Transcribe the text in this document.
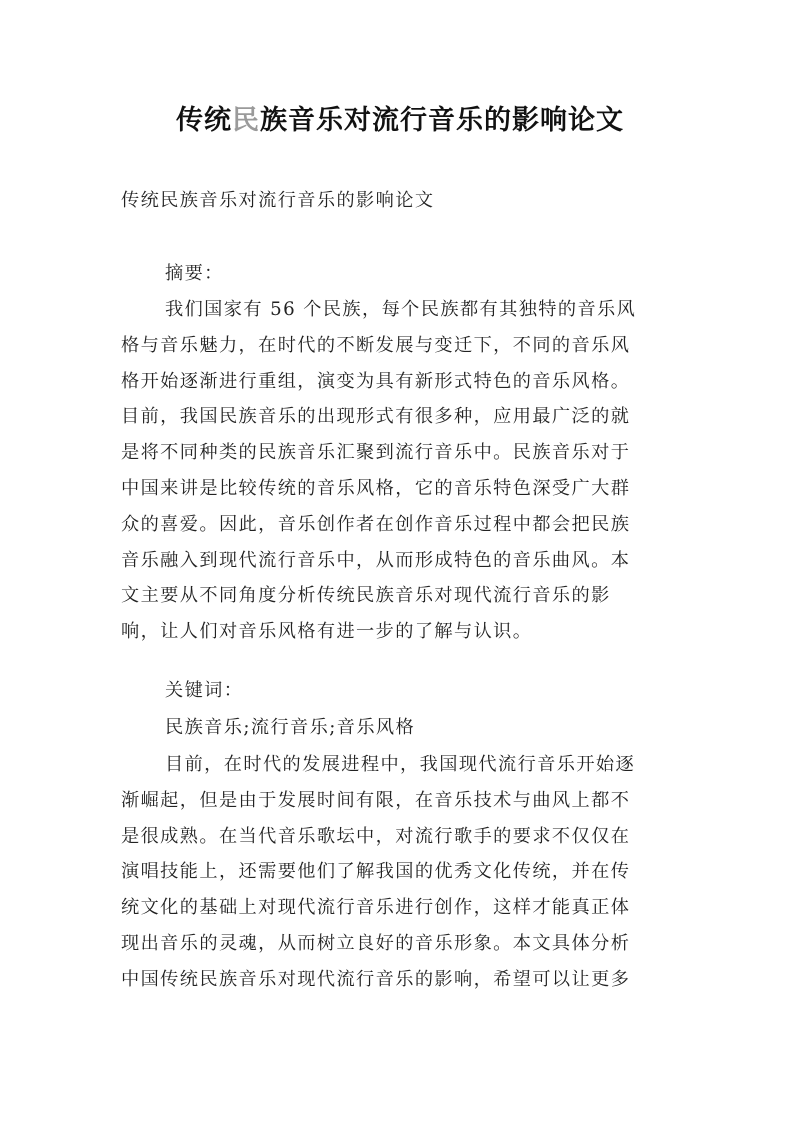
传统民族音乐对流行音乐的影响论文
传统民族音乐对流行音乐的影响论文
摘要：
我们国家有 56 个民族，每个民族都有其独特的音乐风
格与音乐魅力，在时代的不断发展与变迁下，不同的音乐风
格开始逐渐进行重组，演变为具有新形式特色的音乐风格。
目前，我国民族音乐的出现形式有很多种，应用最广泛的就
是将不同种类的民族音乐汇聚到流行音乐中。民族音乐对于
中国来讲是比较传统的音乐风格，它的音乐特色深受广大群
众的喜爱。因此，音乐创作者在创作音乐过程中都会把民族
音乐融入到现代流行音乐中，从而形成特色的音乐曲风。本
文主要从不同角度分析传统民族音乐对现代流行音乐的影
响，让人们对音乐风格有进一步的了解与认识。
关键词：
民族音乐;流行音乐;音乐风格
目前，在时代的发展进程中，我国现代流行音乐开始逐
渐崛起，但是由于发展时间有限，在音乐技术与曲风上都不
是很成熟。在当代音乐歌坛中，对流行歌手的要求不仅仅在
演唱技能上，还需要他们了解我国的优秀文化传统，并在传
统文化的基础上对现代流行音乐进行创作，这样才能真正体
现出音乐的灵魂，从而树立良好的音乐形象。本文具体分析
中国传统民族音乐对现代流行音乐的影响，希望可以让更多
